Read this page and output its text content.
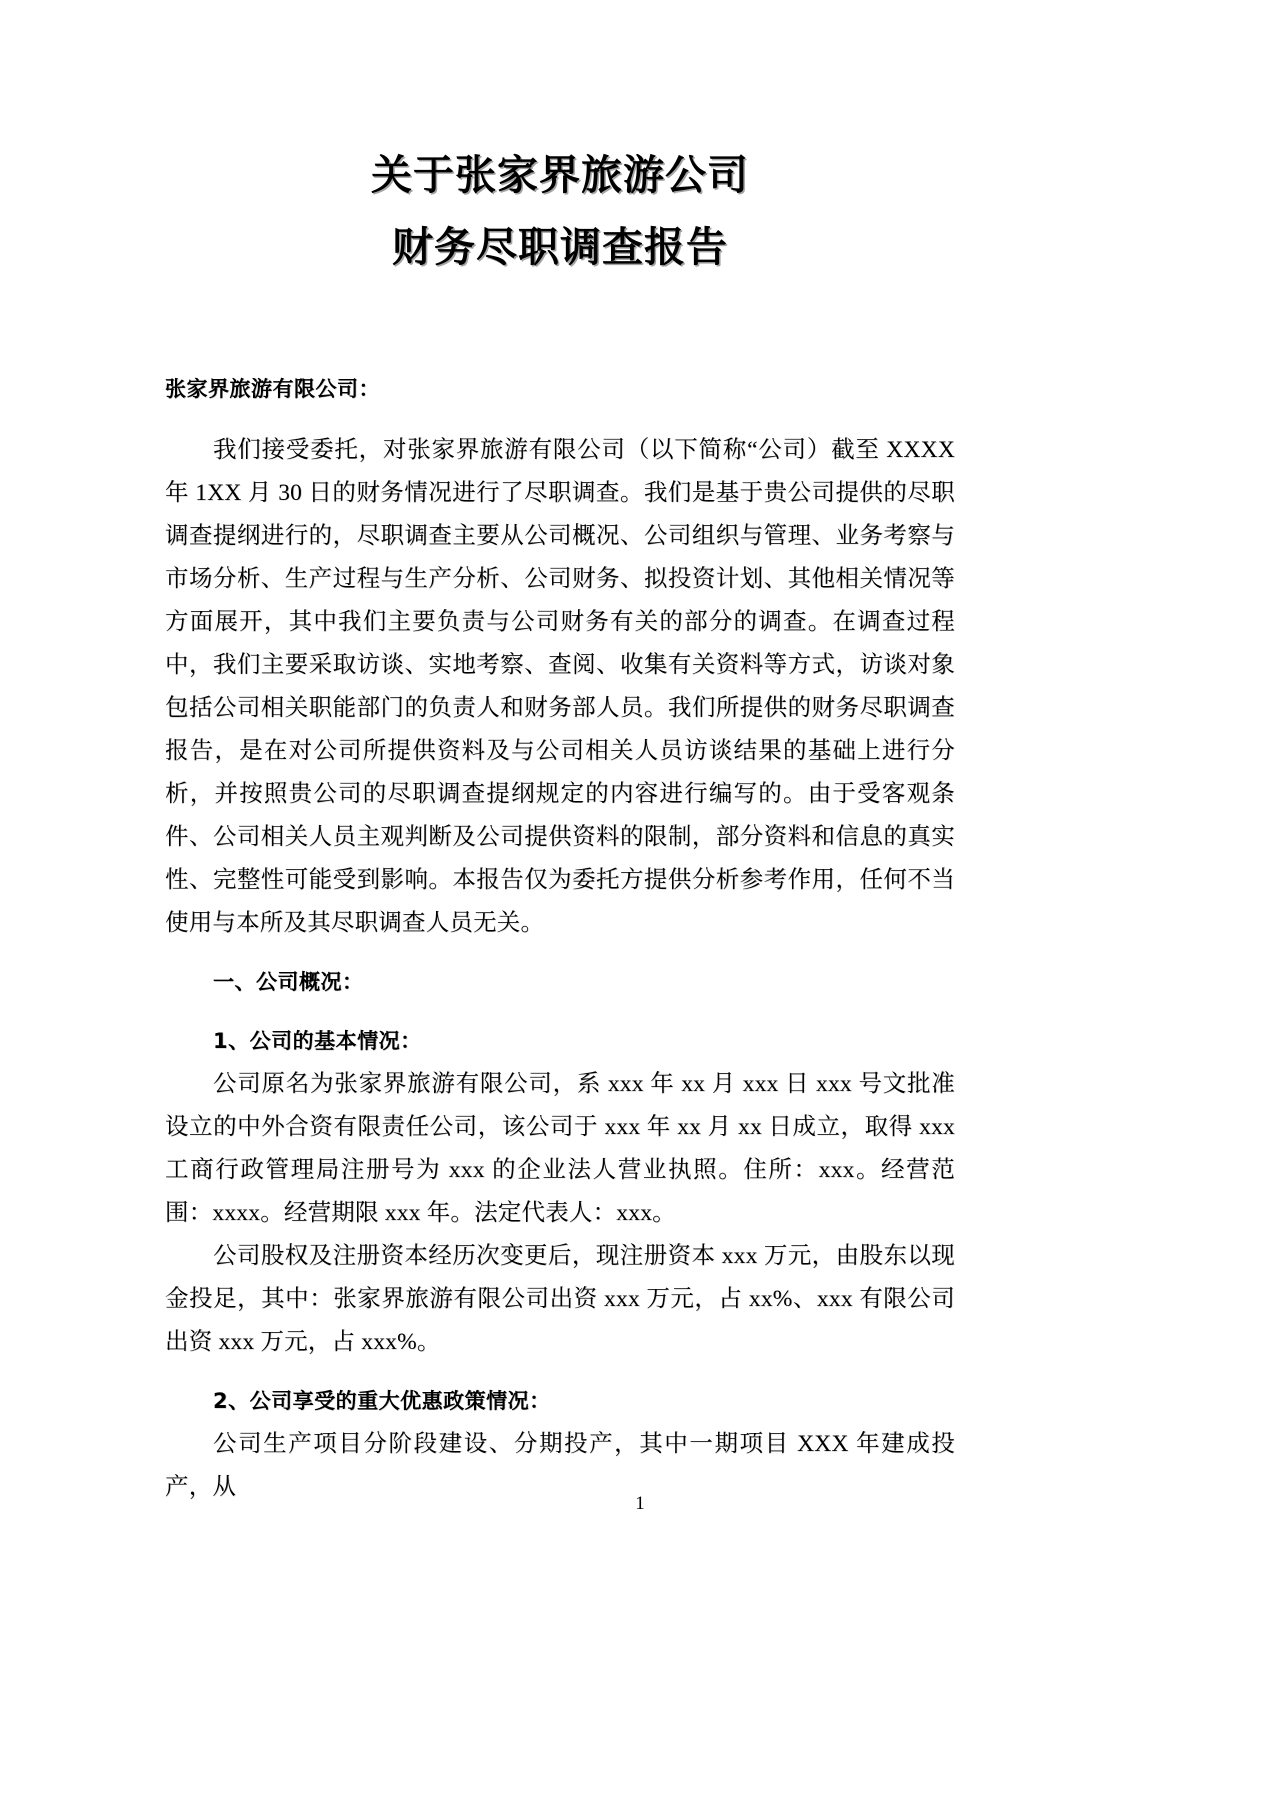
关于张家界旅游公司
财务尽职调查报告
张家界旅游有限公司：

我们接受委托，对张家界旅游有限公司（以下简称“公司）截至 XXXX 年 1XX 月 30 日的财务情况进行了尽职调查。我们是基于贵公司提供的尽职调查提纲进行的，尽职调查主要从公司概况、公司组织与管理、业务考察与市场分析、生产过程与生产分析、公司财务、拟投资计划、其他相关情况等方面展开，其中我们主要负责与公司财务有关的部分的调查。在调查过程中，我们主要采取访谈、实地考察、查阅、收集有关资料等方式，访谈对象包括公司相关职能部门的负责人和财务部人员。我们所提供的财务尽职调查报告，是在对公司所提供资料及与公司相关人员访谈结果的基础上进行分析，并按照贵公司的尽职调查提纲规定的内容进行编写的。由于受客观条件、公司相关人员主观判断及公司提供资料的限制，部分资料和信息的真实性、完整性可能受到影响。本报告仅为委托方提供分析参考作用，任何不当使用与本所及其尽职调查人员无关。

一、公司概况：
1、公司的基本情况：

公司原名为张家界旅游有限公司，系 xxx 年 xx 月 xxx 日 xxx 号文批准设立的中外合资有限责任公司，该公司于 xxx 年 xx 月 xx 日成立，取得 xxx 工商行政管理局注册号为 xxx 的企业法人营业执照。住所：xxx。经营范围：xxxx。经营期限 xxx 年。法定代表人：xxx。

公司股权及注册资本经历次变更后，现注册资本 xxx 万元，由股东以现金投足，其中：张家界旅游有限公司出资 xxx 万元，占 xx%、xxx 有限公司出资 xxx 万元，占 xxx%。

2、公司享受的重大优惠政策情况：

公司生产项目分阶段建设、分期投产，其中一期项目 XXX 年建成投产，从

1
